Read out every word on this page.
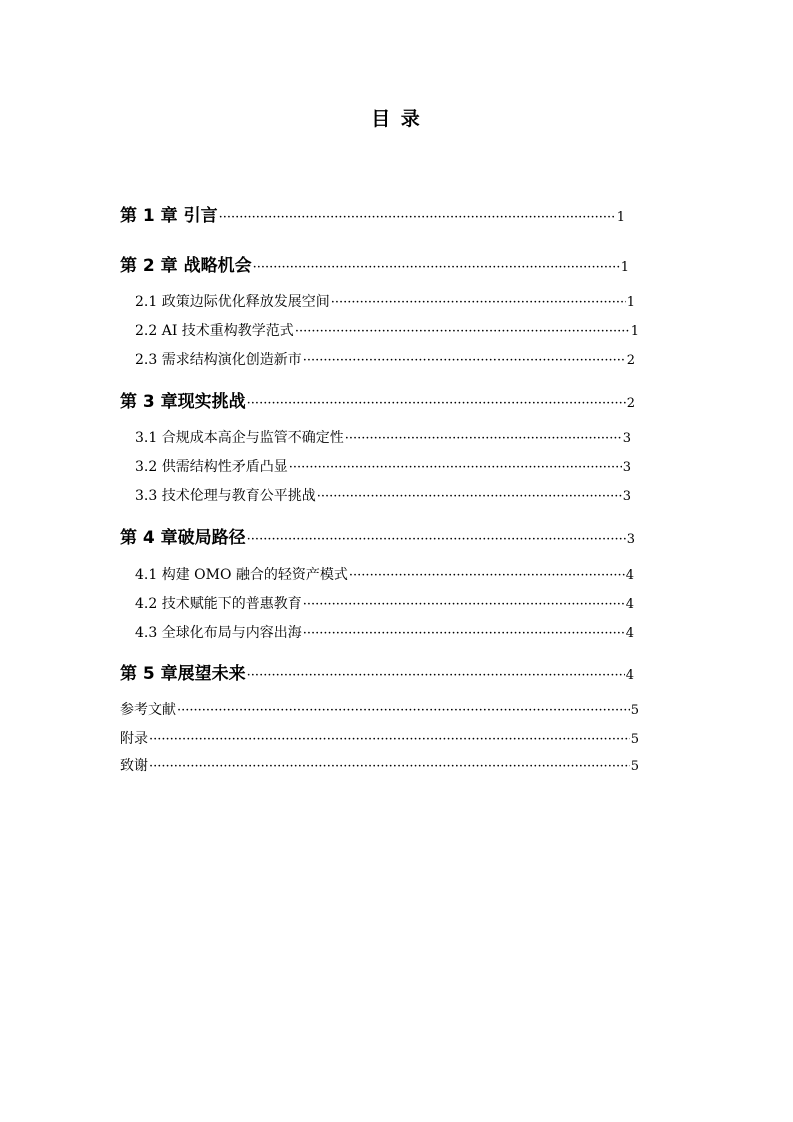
目 录
第 1 章 引言 ·····	1
第 2 章 战略机会 ·····	1
2.1 政策边际优化释放发展空间 ·····	1
2.2 AI 技术重构教学范式 ·····	1
2.3 需求结构演化创造新市 ·····	2
第 3 章现实挑战 ·····	2
3.1 合规成本高企与监管不确定性 ·····	3
3.2 供需结构性矛盾凸显 ·····	3
3.3 技术伦理与教育公平挑战 ·····	3
第 4 章破局路径 ·····	3
4.1 构建 OMO 融合的轻资产模式 ·····	4
4.2 技术赋能下的普惠教育 ·····	4
4.3 全球化布局与内容出海 ·····	4
第 5 章展望未来 ·····	4
参考文献 ·····	5
附录 ·····	5
致谢 ·····	5
